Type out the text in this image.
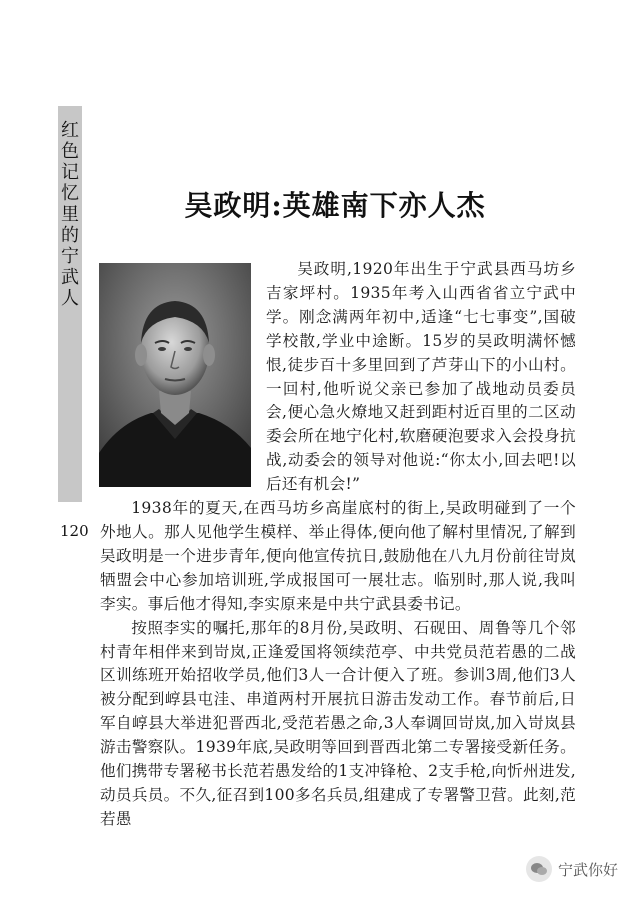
红色记忆里的宁武人
120
吴政明:英雄南下亦人杰

吴政明,1920年出生于宁武县西马坊乡吉家坪村。1935年考入山西省省立宁武中学。刚念满两年初中,适逢“七七事变”,国破学校散,学业中途断。15岁的吴政明满怀憾恨,徒步百十多里回到了芦芽山下的小山村。一回村,他听说父亲已参加了战地动员委员会,便心急火燎地又赶到距村近百里的二区动委会所在地宁化村,软磨硬泡要求入会投身抗战,动委会的领导对他说:“你太小,回去吧!以后还有机会!”

1938年的夏天,在西马坊乡高崖底村的街上,吴政明碰到了一个外地人。那人见他学生模样、举止得体,便向他了解村里情况,了解到吴政明是一个进步青年,便向他宣传抗日,鼓励他在八九月份前往岢岚牺盟会中心参加培训班,学成报国可一展壮志。临别时,那人说,我叫李实。事后他才得知,李实原来是中共宁武县委书记。

按照李实的嘱托,那年的8月份,吴政明、石砚田、周鲁等几个邻村青年相伴来到岢岚,正逢爱国将领续范亭、中共党员范若愚的二战区训练班开始招收学员,他们3人一合计便入了班。参训3周,他们3人被分配到崞县屯洼、串道两村开展抗日游击发动工作。春节前后,日军自崞县大举进犯晋西北,受范若愚之命,3人奉调回岢岚,加入岢岚县游击警察队。1939年底,吴政明等回到晋西北第二专署接受新任务。他们携带专署秘书长范若愚发给的1支冲锋枪、2支手枪,向忻州进发,动员兵员。不久,征召到100多名兵员,组建成了专署警卫营。此刻,范若愚

宁武你好
